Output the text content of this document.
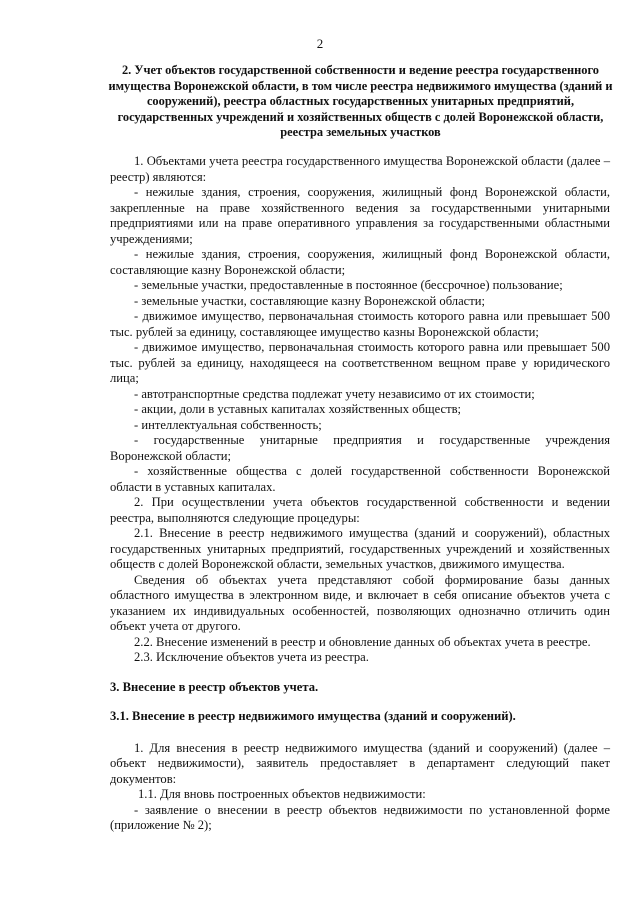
2
2. Учет объектов государственной собственности и ведение реестра государственного имущества Воронежской области, в том числе реестра недвижимого имущества (зданий и сооружений), реестра областных государственных унитарных предприятий, государственных учреждений и хозяйственных обществ с долей Воронежской области, реестра земельных участков

1. Объектами учета реестра государственного имущества Воронежской области (далее – реестр) являются:

- нежилые здания, строения, сооружения, жилищный фонд Воронежской области, закрепленные на праве хозяйственного ведения за государственными унитарными предприятиями или на праве оперативного управления за государственными областными учреждениями;

- нежилые здания, строения, сооружения, жилищный фонд Воронежской области, составляющие казну Воронежской области;

- земельные участки, предоставленные в постоянное (бессрочное) пользование;

- земельные участки, составляющие казну Воронежской области;

- движимое имущество, первоначальная стоимость которого равна или превышает 500 тыс. рублей за единицу, составляющее имущество казны Воронежской области;

- движимое имущество, первоначальная стоимость которого равна или превышает 500 тыс. рублей за единицу, находящееся на соответственном вещном праве у юридического лица;

- автотранспортные средства подлежат учету независимо от их стоимости;

- акции, доли в уставных капиталах хозяйственных обществ;

- интеллектуальная собственность;

- государственные унитарные предприятия и государственные учреждения Воронежской области;

- хозяйственные общества с долей государственной собственности Воронежской области в уставных капиталах.

2. При осуществлении учета объектов государственной собственности и ведении реестра, выполняются следующие процедуры:

2.1. Внесение в реестр недвижимого имущества (зданий и сооружений), областных государственных унитарных предприятий, государственных учреждений и хозяйственных обществ с долей Воронежской области, земельных участков, движимого имущества.

Сведения об объектах учета представляют собой формирование базы данных областного имущества в электронном виде, и включает в себя описание объектов учета с указанием их индивидуальных особенностей, позволяющих однозначно отличить один объект учета от другого.

2.2. Внесение изменений в реестр и обновление данных об объектах учета в реестре.

2.3. Исключение объектов учета из реестра.

3. Внесение в реестр объектов учета.

3.1. Внесение в реестр недвижимого имущества (зданий и сооружений).

1. Для внесения в реестр недвижимого имущества (зданий и сооружений) (далее – объект недвижимости), заявитель предоставляет в департамент следующий пакет документов:

1.1. Для вновь построенных объектов недвижимости:

- заявление о внесении в реестр объектов недвижимости по установленной форме (приложение № 2);
